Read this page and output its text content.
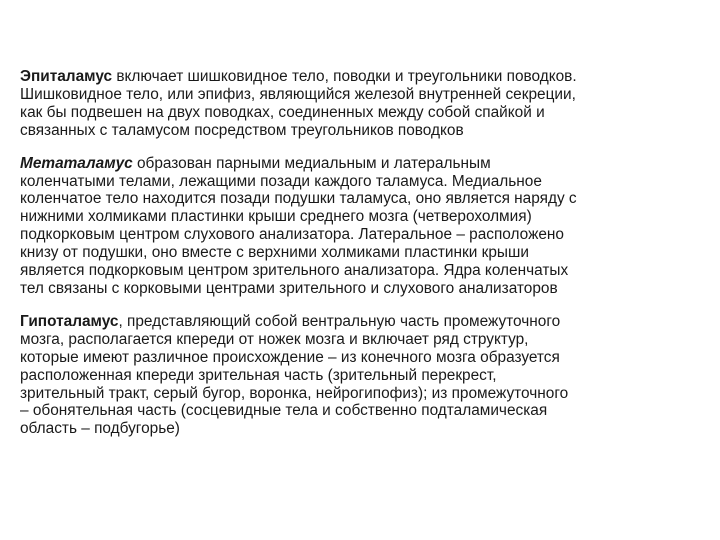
Эпиталамус включает шишковидное тело, поводки и треугольники поводков.
Шишковидное тело, или эпифиз, являющийся железой внутренней секреции,
как бы подвешен на двух поводках, соединенных между собой спайкой и
связанных с таламусом посредством треугольников поводков

Метаталамус образован парными медиальным и латеральным
коленчатыми телами, лежащими позади каждого таламуса. Медиальное
коленчатое тело находится позади подушки таламуса, оно является наряду с
нижними холмиками пластинки крыши среднего мозга (четверохолмия)
подкорковым центром слухового анализатора. Латеральное – расположено
книзу от подушки, оно вместе с верхними холмиками пластинки крыши
является подкорковым центром зрительного анализатора. Ядра коленчатых
тел связаны с корковыми центрами зрительного и слухового анализаторов

Гипоталамус, представляющий собой вентральную часть промежуточного
мозга, располагается кпереди от ножек мозга и включает ряд структур,
которые имеют различное происхождение – из конечного мозга образуется
расположенная кпереди зрительная часть (зрительный перекрест,
зрительный тракт, серый бугор, воронка, нейрогипофиз); из промежуточного
– обонятельная часть (сосцевидные тела и собственно подталамическая
область – подбугорье)
